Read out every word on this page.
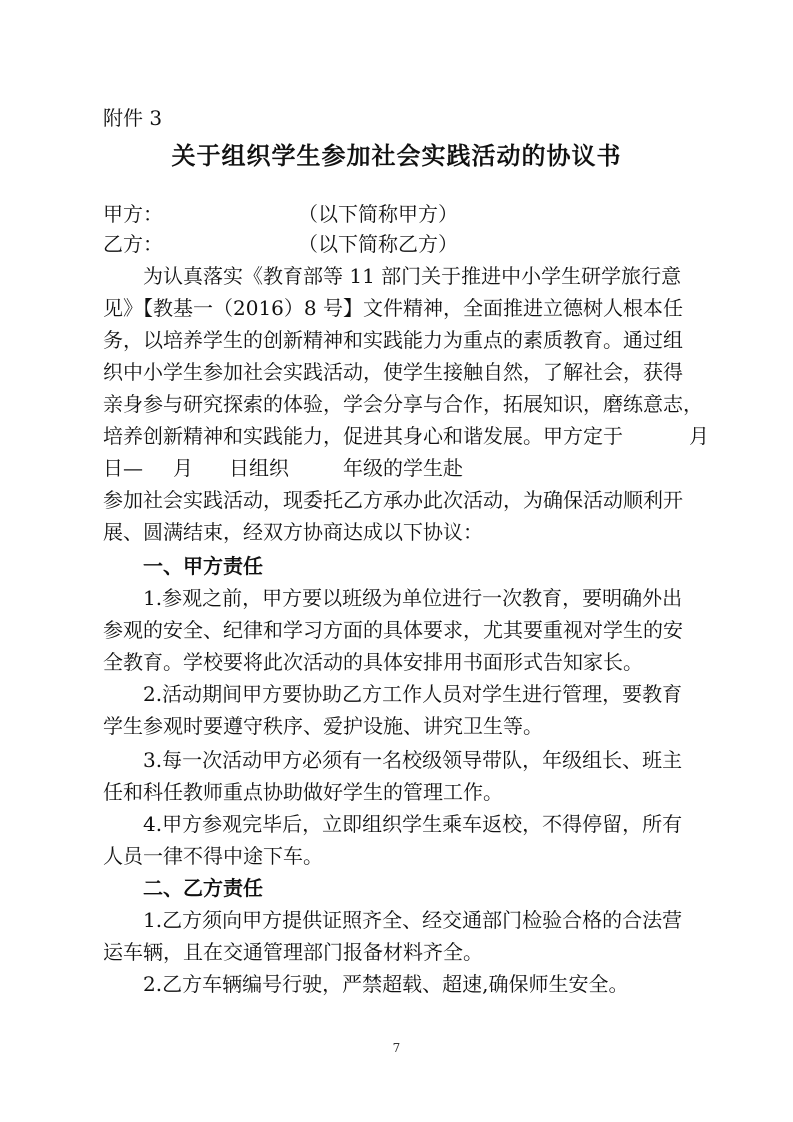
附件 3
关于组织学生参加社会实践活动的协议书
甲方：	（以下简称甲方）
乙方：	（以下简称乙方）
为认真落实《教育部等 11 部门关于推进中小学生研学旅行意
见》【教基一（2016）8 号】文件精神，全面推进立德树人根本任
务，以培养学生的创新精神和实践能力为重点的素质教育。通过组
织中小学生参加社会实践活动，使学生接触自然，了解社会，获得
亲身参与研究探索的体验，学会分享与合作，拓展知识，磨练意志，
培养创新精神和实践能力，促进其身心和谐发展。甲方定于	月
日— 月 日组织	年级的学生赴
参加社会实践活动，现委托乙方承办此次活动，为确保活动顺利开
展、圆满结束，经双方协商达成以下协议：
一、甲方责任
1.参观之前，甲方要以班级为单位进行一次教育，要明确外出
参观的安全、纪律和学习方面的具体要求，尤其要重视对学生的安
全教育。学校要将此次活动的具体安排用书面形式告知家长。
2.活动期间甲方要协助乙方工作人员对学生进行管理，要教育
学生参观时要遵守秩序、爱护设施、讲究卫生等。
3.每一次活动甲方必须有一名校级领导带队，年级组长、班主
任和科任教师重点协助做好学生的管理工作。
4.甲方参观完毕后，立即组织学生乘车返校，不得停留，所有
人员一律不得中途下车。
二、乙方责任
1.乙方须向甲方提供证照齐全、经交通部门检验合格的合法营
运车辆，且在交通管理部门报备材料齐全。
2.乙方车辆编号行驶，严禁超载、超速,确保师生安全。
7
